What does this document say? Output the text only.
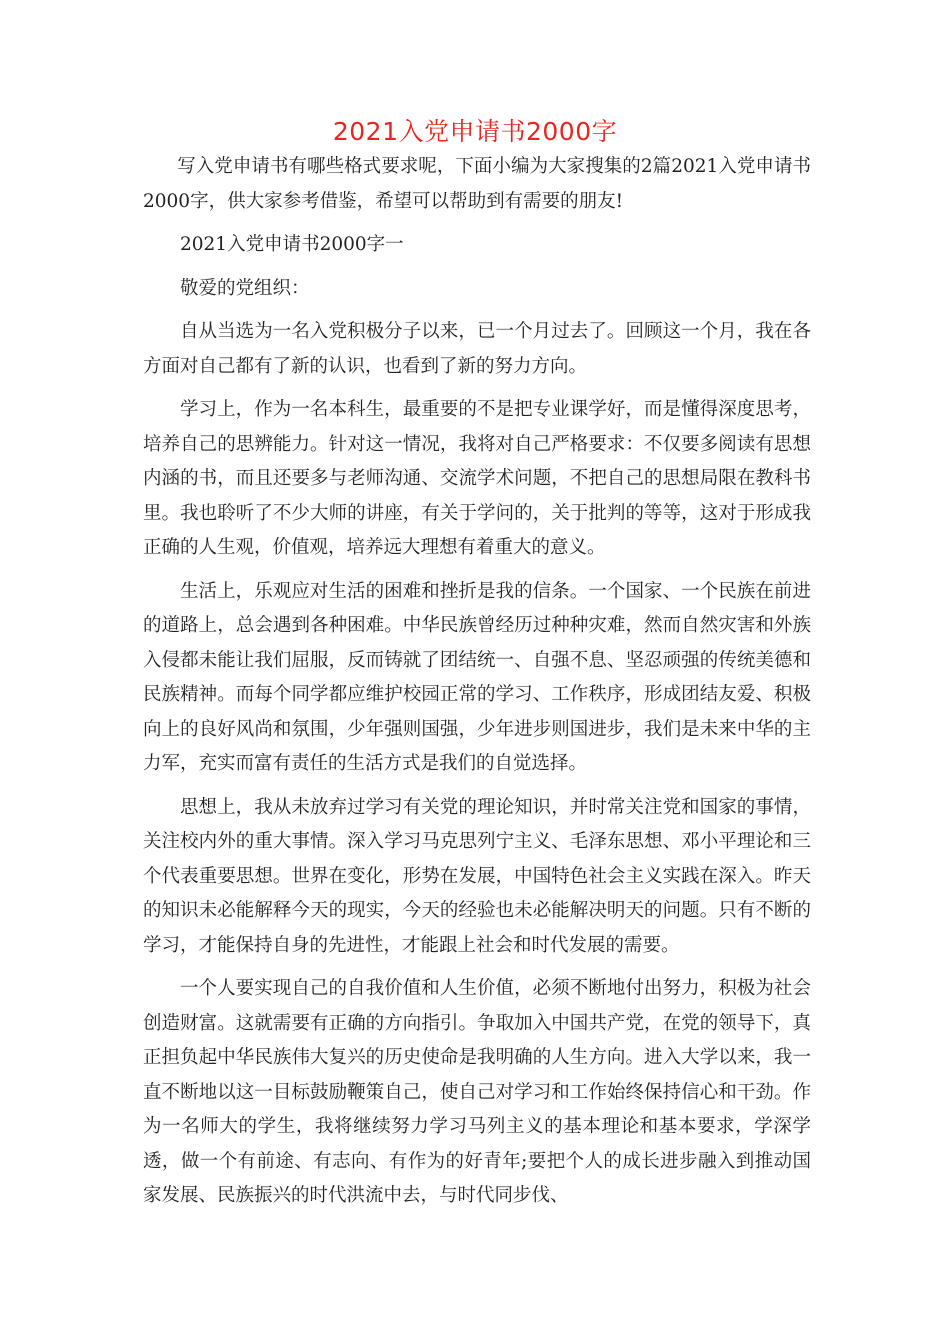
2021入党申请书2000字

写入党申请书有哪些格式要求呢，下面小编为大家搜集的2篇2021入党申请书2000字，供大家参考借鉴，希望可以帮助到有需要的朋友!

2021入党申请书2000字一

敬爱的党组织：

自从当选为一名入党积极分子以来，已一个月过去了。回顾这一个月，我在各方面对自己都有了新的认识，也看到了新的努力方向。

学习上，作为一名本科生，最重要的不是把专业课学好，而是懂得深度思考，培养自己的思辨能力。针对这一情况，我将对自己严格要求：不仅要多阅读有思想内涵的书，而且还要多与老师沟通、交流学术问题，不把自己的思想局限在教科书里。我也聆听了不少大师的讲座，有关于学问的，关于批判的等等，这对于形成我正确的人生观，价值观，培养远大理想有着重大的意义。

生活上，乐观应对生活的困难和挫折是我的信条。一个国家、一个民族在前进的道路上，总会遇到各种困难。中华民族曾经历过种种灾难，然而自然灾害和外族入侵都未能让我们屈服，反而铸就了团结统一、自强不息、坚忍顽强的传统美德和民族精神。而每个同学都应维护校园正常的学习、工作秩序，形成团结友爱、积极向上的良好风尚和氛围，少年强则国强，少年进步则国进步，我们是未来中华的主力军，充实而富有责任的生活方式是我们的自觉选择。

思想上，我从未放弃过学习有关党的理论知识，并时常关注党和国家的事情，关注校内外的重大事情。深入学习马克思列宁主义、毛泽东思想、邓小平理论和三个代表重要思想。世界在变化，形势在发展，中国特色社会主义实践在深入。昨天的知识未必能解释今天的现实，今天的经验也未必能解决明天的问题。只有不断的学习，才能保持自身的先进性，才能跟上社会和时代发展的需要。

一个人要实现自己的自我价值和人生价值，必须不断地付出努力，积极为社会创造财富。这就需要有正确的方向指引。争取加入中国共产党，在党的领导下，真正担负起中华民族伟大复兴的历史使命是我明确的人生方向。进入大学以来，我一直不断地以这一目标鼓励鞭策自己，使自己对学习和工作始终保持信心和干劲。作为一名师大的学生，我将继续努力学习马列主义的基本理论和基本要求，学深学透，做一个有前途、有志向、有作为的好青年;要把个人的成长进步融入到推动国家发展、民族振兴的时代洪流中去，与时代同步伐、
